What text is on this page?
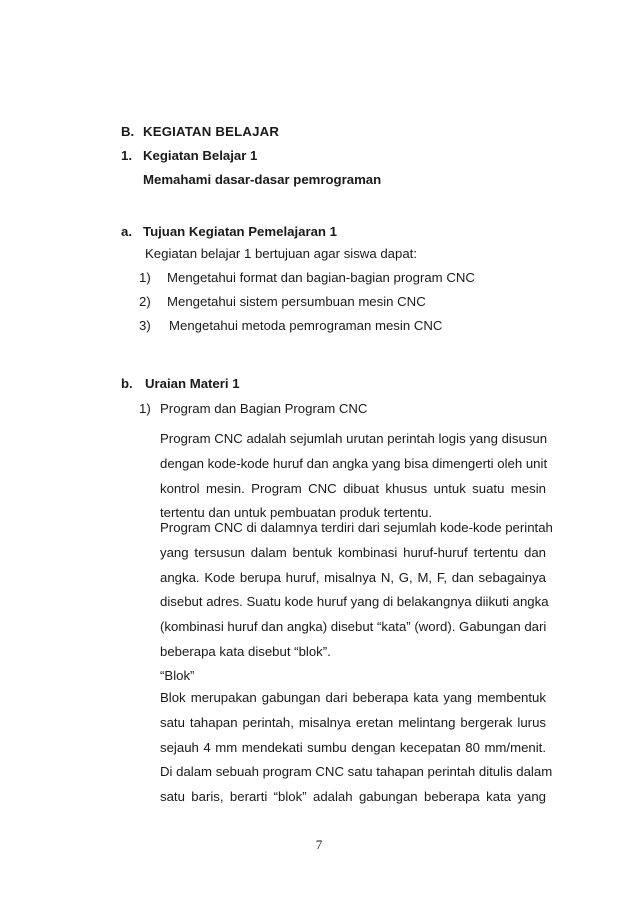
B. KEGIATAN BELAJAR
1. Kegiatan Belajar 1
Memahami dasar-dasar pemrograman
a. Tujuan Kegiatan Pemelajaran 1
Kegiatan belajar 1 bertujuan agar siswa dapat:
1) Mengetahui format dan bagian-bagian program CNC
2) Mengetahui sistem persumbuan mesin CNC
3) Mengetahui metoda pemrograman mesin CNC
b. Uraian Materi 1
1) Program dan Bagian Program CNC
Program CNC adalah sejumlah urutan perintah logis yang disusun
dengan kode-kode huruf dan angka yang bisa dimengerti oleh unit
kontrol mesin. Program CNC dibuat khusus untuk suatu mesin
tertentu dan untuk pembuatan produk tertentu.
Program CNC di dalamnya terdiri dari sejumlah kode-kode perintah
yang tersusun dalam bentuk kombinasi huruf-huruf tertentu dan
angka. Kode berupa huruf, misalnya N, G, M, F, dan sebagainya
disebut adres. Suatu kode huruf yang di belakangnya diikuti angka
(kombinasi huruf dan angka) disebut “kata” (word). Gabungan dari
beberapa kata disebut “blok”.
“Blok”
Blok merupakan gabungan dari beberapa kata yang membentuk
satu tahapan perintah, misalnya eretan melintang bergerak lurus
sejauh 4 mm mendekati sumbu dengan kecepatan 80 mm/menit.
Di dalam sebuah program CNC satu tahapan perintah ditulis dalam
satu baris, berarti “blok” adalah gabungan beberapa kata yang
7
